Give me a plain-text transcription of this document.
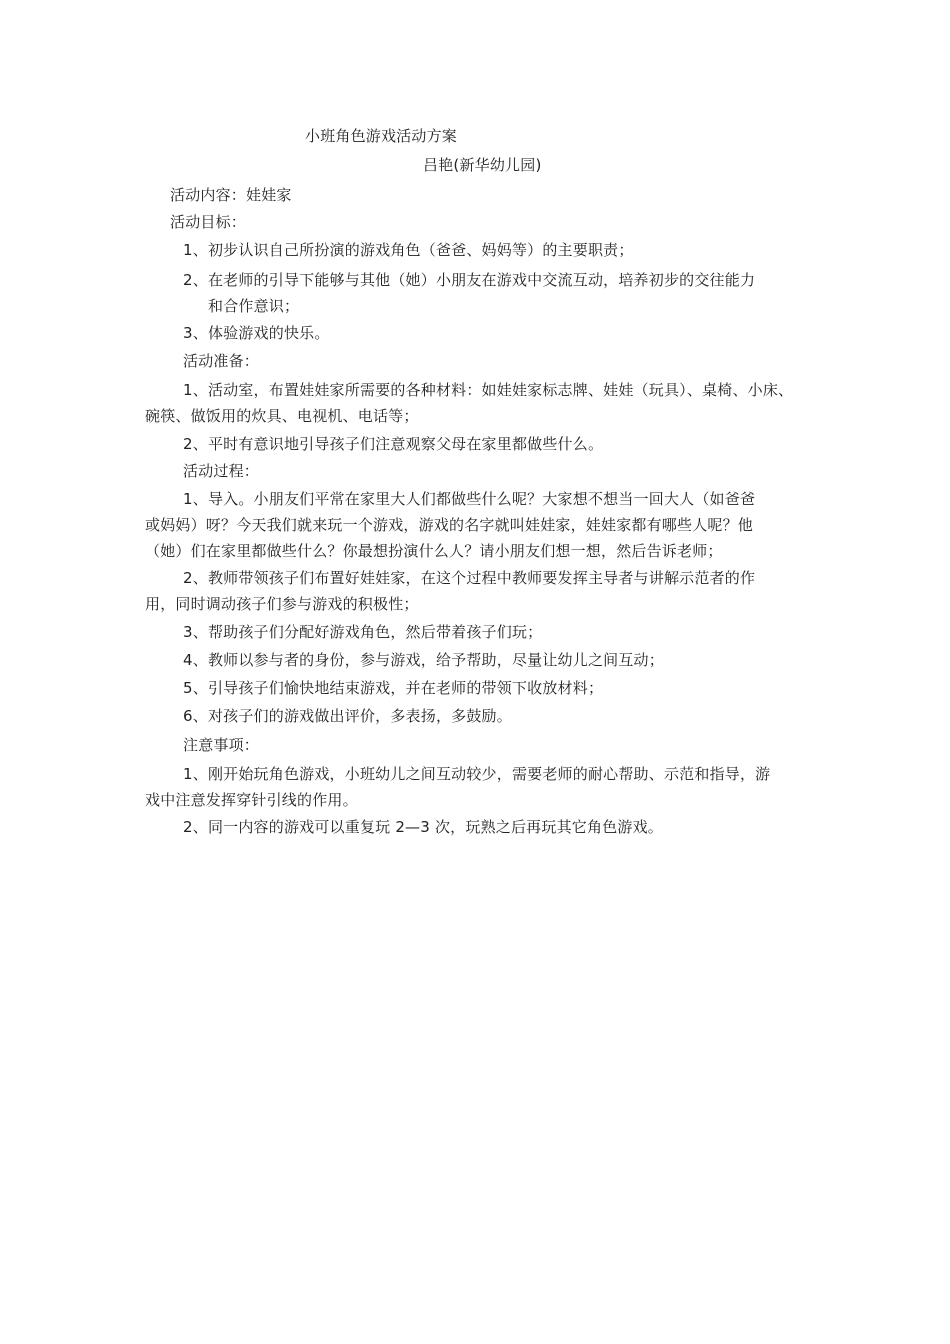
小班角色游戏活动方案
吕艳(新华幼儿园)
活动内容：娃娃家
活动目标：
1、初步认识自己所扮演的游戏角色（爸爸、妈妈等）的主要职责；
2、在老师的引导下能够与其他（她）小朋友在游戏中交流互动，培养初步的交往能力
和合作意识；
3、体验游戏的快乐。
活动准备：
1、活动室，布置娃娃家所需要的各种材料：如娃娃家标志牌、娃娃（玩具）、桌椅、小床、
碗筷、做饭用的炊具、电视机、电话等；
2、平时有意识地引导孩子们注意观察父母在家里都做些什么。
活动过程：
1、导入。小朋友们平常在家里大人们都做些什么呢？大家想不想当一回大人（如爸爸
或妈妈）呀？今天我们就来玩一个游戏，游戏的名字就叫娃娃家，娃娃家都有哪些人呢？他
（她）们在家里都做些什么？你最想扮演什么人？请小朋友们想一想，然后告诉老师；
2、教师带领孩子们布置好娃娃家，在这个过程中教师要发挥主导者与讲解示范者的作
用，同时调动孩子们参与游戏的积极性；
3、帮助孩子们分配好游戏角色，然后带着孩子们玩；
4、教师以参与者的身份，参与游戏，给予帮助，尽量让幼儿之间互动；
5、引导孩子们愉快地结束游戏，并在老师的带领下收放材料；
6、对孩子们的游戏做出评价，多表扬，多鼓励。
注意事项：
1、刚开始玩角色游戏，小班幼儿之间互动较少，需要老师的耐心帮助、示范和指导，游
戏中注意发挥穿针引线的作用。
2、同一内容的游戏可以重复玩 2—3 次，玩熟之后再玩其它角色游戏。
